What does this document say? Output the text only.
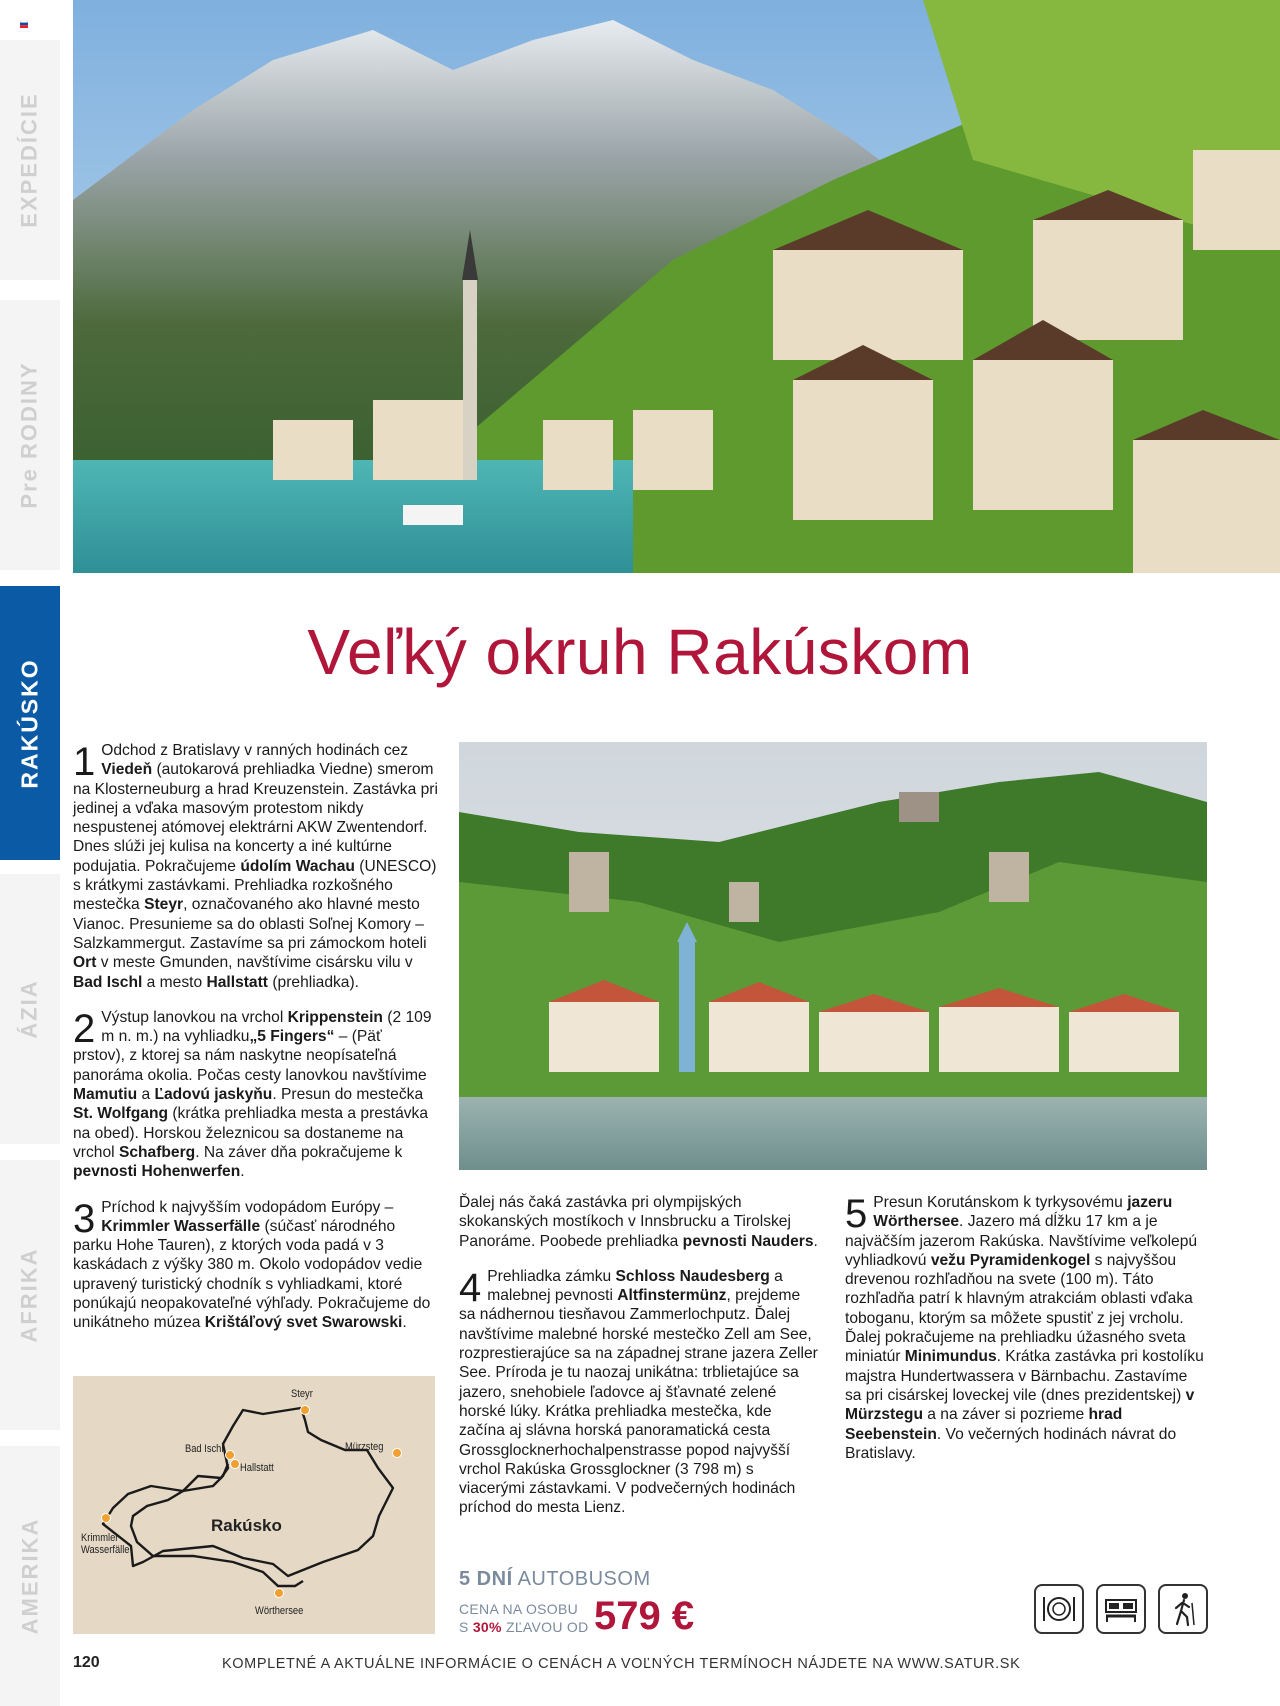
EXPEDÍCIE
Pre RODINY
RAKÚSKO
ÁZIA
AFRIKA
AMERIKA
Veľký okruh Rakúskom

1 Odchod z Bratislavy v ranných hodinách cez Viedeň (autokarová prehliadka Viedne) smerom na Klosterneuburg a hrad Kreuzenstein. Zastávka pri jedinej a vďaka masovým protestom nikdy nespustenej atómovej elektrárni AKW Zwentendorf. Dnes slúži jej kulisa na koncerty a iné kultúrne podujatia. Pokračujeme údolím Wachau (UNESCO) s krátkymi zastávkami. Prehliadka rozkošného mestečka Steyr, označovaného ako hlavné mesto Vianoc. Presunieme sa do oblasti Soľnej Komory – Salzkammergut. Zastavíme sa pri zámockom hoteli Ort v meste Gmunden, navštívime cisársku vilu v Bad Ischl a mesto Hallstatt (prehliadka).

2 Výstup lanovkou na vrchol Krippenstein (2 109 m n. m.) na vyhliadku„5 Fingers“ – (Päť prstov), z ktorej sa nám naskytne neopísateľná panoráma okolia. Počas cesty lanovkou navštívime Mamutiu a Ľadovú jaskyňu. Presun do mestečka St. Wolfgang (krátka prehliadka mesta a prestávka na obed). Horskou železnicou sa dostaneme na vrchol Schafberg. Na záver dňa pokračujeme k pevnosti Hohenwerfen.

3 Príchod k najvyšším vodopádom Európy – Krimmler Wasserfälle (súčasť národného parku Hohe Tauren), z ktorých voda padá v 3 kaskádach z výšky 380 m. Okolo vodopádov vedie upravený turistický chodník s vyhliadkami, ktoré ponúkajú neopakovateľné výhľady. Pokračujeme do unikátneho múzea Krištáľový svet Swarowski.

Ďalej nás čaká zastávka pri olympijských skokanských mostíkoch v Innsbrucku a Tirolskej Panoráme. Poobede prehliadka pevnosti Nauders.

4 Prehliadka zámku Schloss Naudesberg a malebnej pevnosti Altfinstermünz, prejdeme sa nádhernou tiesňavou Zammerlochputz. Ďalej navštívime malebné horské mestečko Zell am See, rozprestierajúce sa na západnej strane jazera Zeller See. Príroda je tu naozaj unikátna: trblietajúce sa jazero, snehobiele ľadovce aj šťavnaté zelené horské lúky. Krátka prehliadka mestečka, kde začína aj slávna horská panoramatická cesta Grossglocknerhochalpenstrasse popod najvyšší vrchol Rakúska Grossglockner (3 798 m) s viacerými zástavkami. V podvečerných hodinách príchod do mesta Lienz.

5 Presun Korutánskom k tyrkysovému jazeru Wörthersee. Jazero má dĺžku 17 km a je najväčším jazerom Rakúska. Navštívime veľkolepú vyhliadkovú vežu Pyramidenkogel s najvyššou drevenou rozhľadňou na svete (100 m). Táto rozhľadňa patrí k hlavným atrakciám oblasti vďaka toboganu, ktorým sa môžete spustiť z jej vrcholu. Ďalej pokračujeme na prehliadku úžasného sveta miniatúr Minimundus. Krátka zastávka pri kostolíku majstra Hundertwassera v Bärnbachu. Zastavíme sa pri cisárskej loveckej vile (dnes prezidentskej) v Mürzstegu a na záver si pozrieme hrad Seebenstein. Vo večerných hodinách návrat do Bratislavy.

Steyr
Bad Ischl
Hallstatt
Mürzsteg
Krimmler Wasserfälle
Wörthersee
Rakúsko
5 DNÍ AUTOBUSOM
CENA NA OSOBU
S 30% ZĽAVOU OD 579 €
120	KOMPLETNÉ A AKTUÁLNE INFORMÁCIE O CENÁCH A VOĽNÝCH TERMÍNOCH NÁJDETE NA WWW.SATUR.SK
